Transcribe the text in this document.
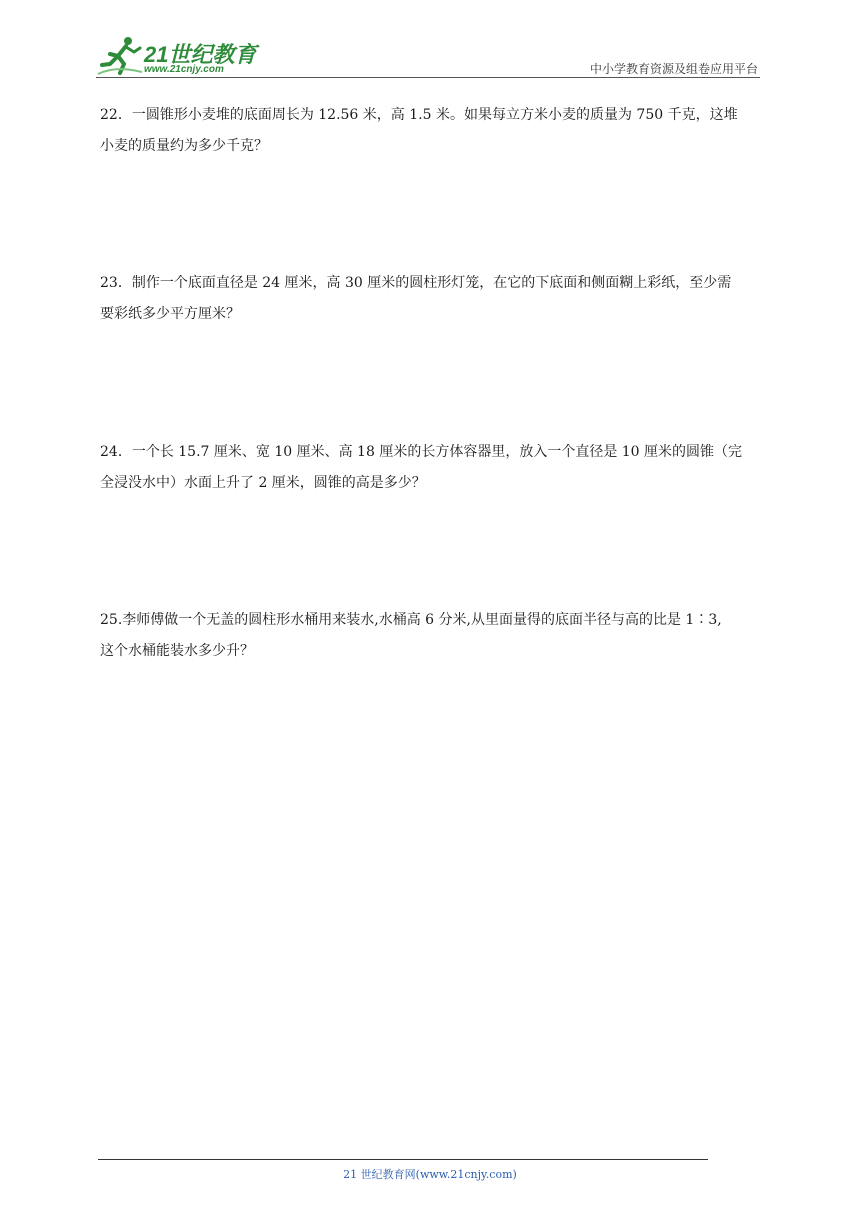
21世纪教育
www.21cnjy.com	中小学教育资源及组卷应用平台
22．一圆锥形小麦堆的底面周长为 12.56 米，高 1.5 米。如果每立方米小麦的质量为 750 千克，这堆
小麦的质量约为多少千克？
23．制作一个底面直径是 24 厘米，高 30 厘米的圆柱形灯笼，在它的下底面和侧面糊上彩纸，至少需
要彩纸多少平方厘米？
24．一个长 15.7 厘米、宽 10 厘米、高 18 厘米的长方体容器里，放入一个直径是 10 厘米的圆锥（完
全浸没水中）水面上升了 2 厘米，圆锥的高是多少？
25.李师傅做一个无盖的圆柱形水桶用来装水,水桶高 6 分米,从里面量得的底面半径与高的比是 1∶3,
这个水桶能装水多少升？
21 世纪教育网(www.21cnjy.com)
